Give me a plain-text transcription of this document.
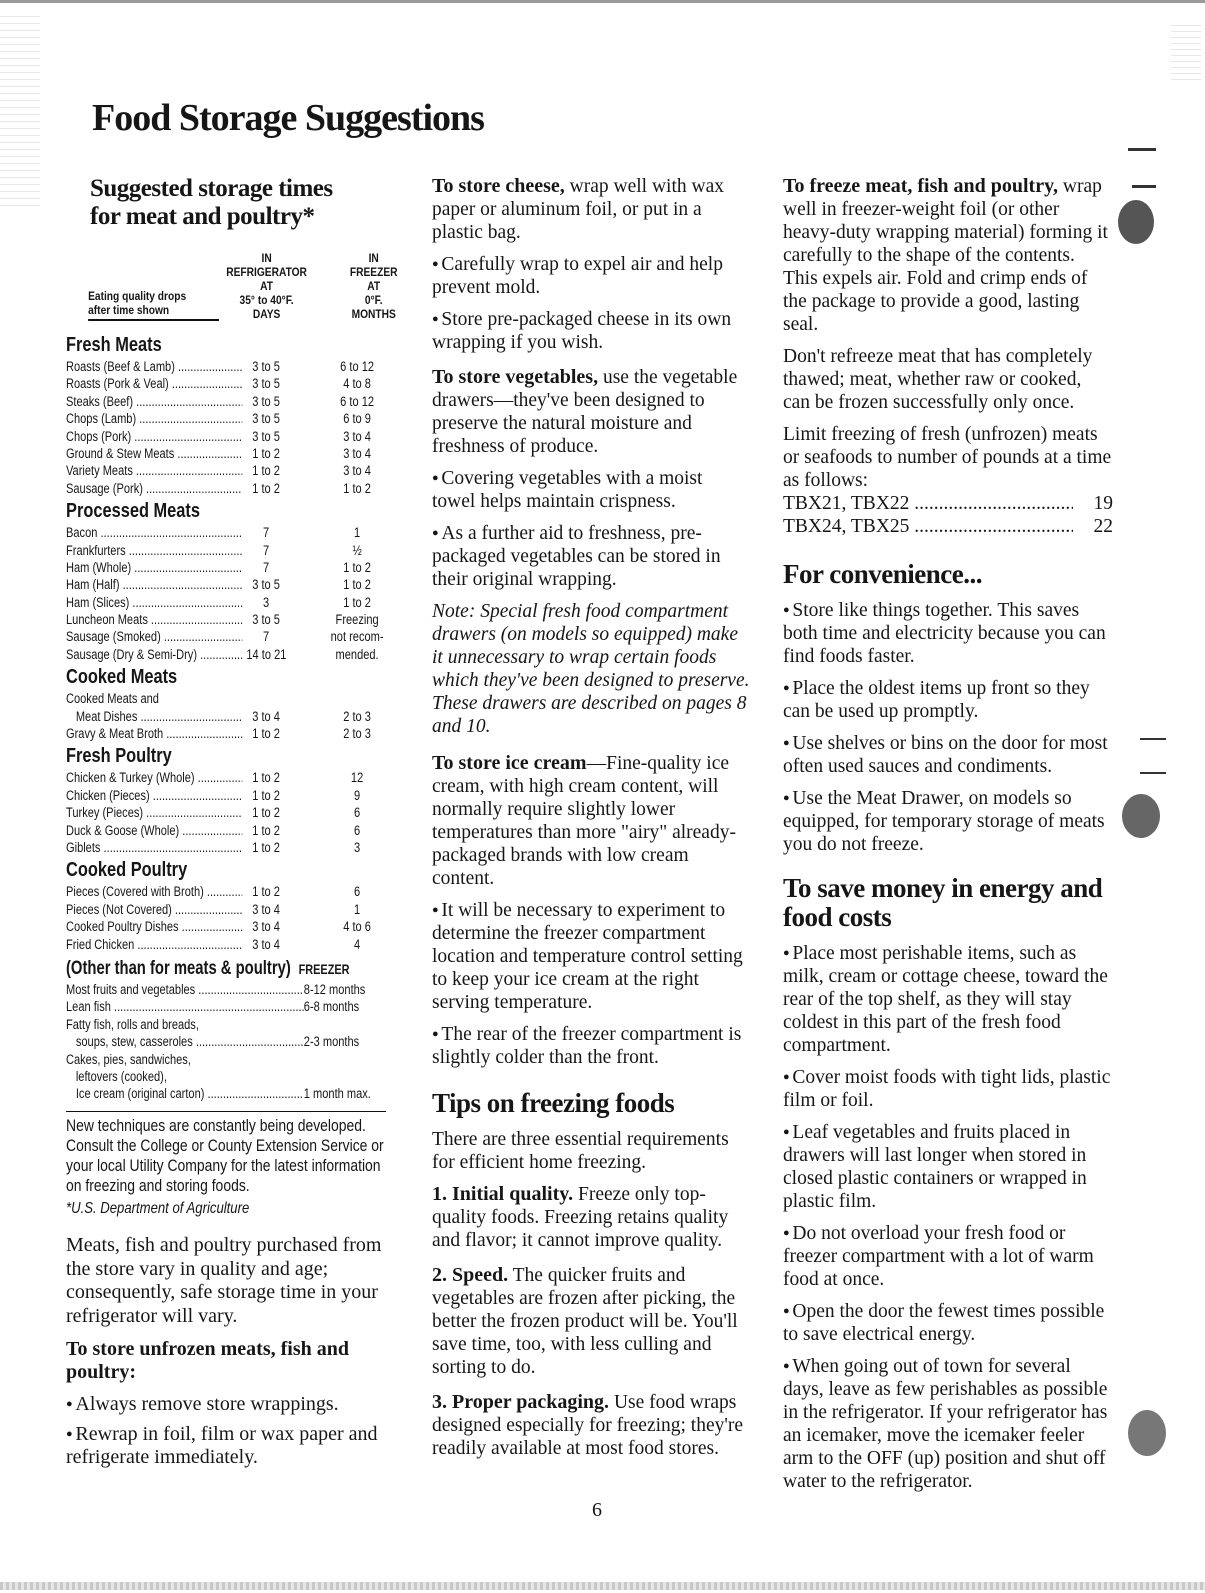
Food Storage Suggestions
Suggested storage times
for meat and poultry*
Eating quality drops
after time shown
IN
REFRIGERATOR
AT
35° to 40°F.
DAYS
IN
FREEZER
AT
0°F.
MONTHS
Fresh Meats
Roasts (Beef & Lamb) .....	3 to 5	6 to 12
Roasts (Pork & Veal) .....	3 to 5	4 to 8
Steaks (Beef) .....	3 to 5	6 to 12
Chops (Lamb) .....	3 to 5	6 to 9
Chops (Pork) .....	3 to 5	3 to 4
Ground & Stew Meats .....	1 to 2	3 to 4
Variety Meats .....	1 to 2	3 to 4
Sausage (Pork) .....	1 to 2	1 to 2
Processed Meats
Bacon .....	7	1
Frankfurters .....	7	½
Ham (Whole) .....	7	1 to 2
Ham (Half) .....	3 to 5	1 to 2
Ham (Slices) .....	3	1 to 2
Luncheon Meats .....	3 to 5	Freezing
Sausage (Smoked) .....	7	not recom-
Sausage (Dry & Semi-Dry) .....	14 to 21	mended.
Cooked Meats
Cooked Meats and
Meat Dishes .....	3 to 4	2 to 3
Gravy & Meat Broth .....	1 to 2	2 to 3
Fresh Poultry
Chicken & Turkey (Whole) .....	1 to 2	12
Chicken (Pieces) .....	1 to 2	9
Turkey (Pieces) .....	1 to 2	6
Duck & Goose (Whole) .....	1 to 2	6
Giblets .....	1 to 2	3
Cooked Poultry
Pieces (Covered with Broth) .....	1 to 2	6
Pieces (Not Covered) .....	3 to 4	1
Cooked Poultry Dishes .....	3 to 4	4 to 6
Fried Chicken .....	3 to 4	4
(Other than for meats & poultry) FREEZER
Most fruits and vegetables .....	8-12 months
Lean fish .....	6-8 months
Fatty fish, rolls and breads,
soups, stew, casseroles .....	2-3 months
Cakes, pies, sandwiches,
leftovers (cooked),
Ice cream (original carton) .....	1 month max.
New techniques are constantly being developed. Consult the College or County Extension Service or your local Utility Company for the latest information on freezing and storing foods.
*U.S. Department of Agriculture

Meats, fish and poultry purchased from the store vary in quality and age; consequently, safe storage time in your refrigerator will vary.

To store unfrozen meats, fish and poultry:

● Always remove store wrappings.

● Rewrap in foil, film or wax paper and refrigerate immediately.

To store cheese, wrap well with wax paper or aluminum foil, or put in a plastic bag.

● Carefully wrap to expel air and help prevent mold.

● Store pre-packaged cheese in its own wrapping if you wish.

To store vegetables, use the vegetable drawers—they've been designed to preserve the natural moisture and freshness of produce.

● Covering vegetables with a moist towel helps maintain crispness.

● As a further aid to freshness, pre-packaged vegetables can be stored in their original wrapping.

Note: Special fresh food compartment drawers (on models so equipped) make it unnecessary to wrap certain foods which they've been designed to preserve. These drawers are described on pages 8 and 10.

To store ice cream—Fine-quality ice cream, with high cream content, will normally require slightly lower temperatures than more "airy" already-packaged brands with low cream content.

● It will be necessary to experiment to determine the freezer compartment location and temperature control setting to keep your ice cream at the right serving temperature.

● The rear of the freezer compartment is slightly colder than the front.

Tips on freezing foods

There are three essential requirements for efficient home freezing.

1. Initial quality. Freeze only top-quality foods. Freezing retains quality and flavor; it cannot improve quality.

2. Speed. The quicker fruits and vegetables are frozen after picking, the better the frozen product will be. You'll save time, too, with less culling and sorting to do.

3. Proper packaging. Use food wraps designed especially for freezing; they're readily available at most food stores.

To freeze meat, fish and poultry, wrap well in freezer-weight foil (or other heavy-duty wrapping material) forming it carefully to the shape of the contents. This expels air. Fold and crimp ends of the package to provide a good, lasting seal.

Don't refreeze meat that has completely thawed; meat, whether raw or cooked, can be frozen successfully only once.

Limit freezing of fresh (unfrozen) meats or seafoods to number of pounds at a time as follows:

TBX21, TBX22 .....	19
TBX24, TBX25 .....	22
For convenience...

● Store like things together. This saves both time and electricity because you can find foods faster.

● Place the oldest items up front so they can be used up promptly.

● Use shelves or bins on the door for most often used sauces and condiments.

● Use the Meat Drawer, on models so equipped, for temporary storage of meats you do not freeze.

To save money in energy and food costs

● Place most perishable items, such as milk, cream or cottage cheese, toward the rear of the top shelf, as they will stay coldest in this part of the fresh food compartment.

● Cover moist foods with tight lids, plastic film or foil.

● Leaf vegetables and fruits placed in drawers will last longer when stored in closed plastic containers or wrapped in plastic film.

● Do not overload your fresh food or freezer compartment with a lot of warm food at once.

● Open the door the fewest times possible to save electrical energy.

● When going out of town for several days, leave as few perishables as possible in the refrigerator. If your refrigerator has an icemaker, move the icemaker feeler arm to the OFF (up) position and shut off water to the refrigerator.

6
